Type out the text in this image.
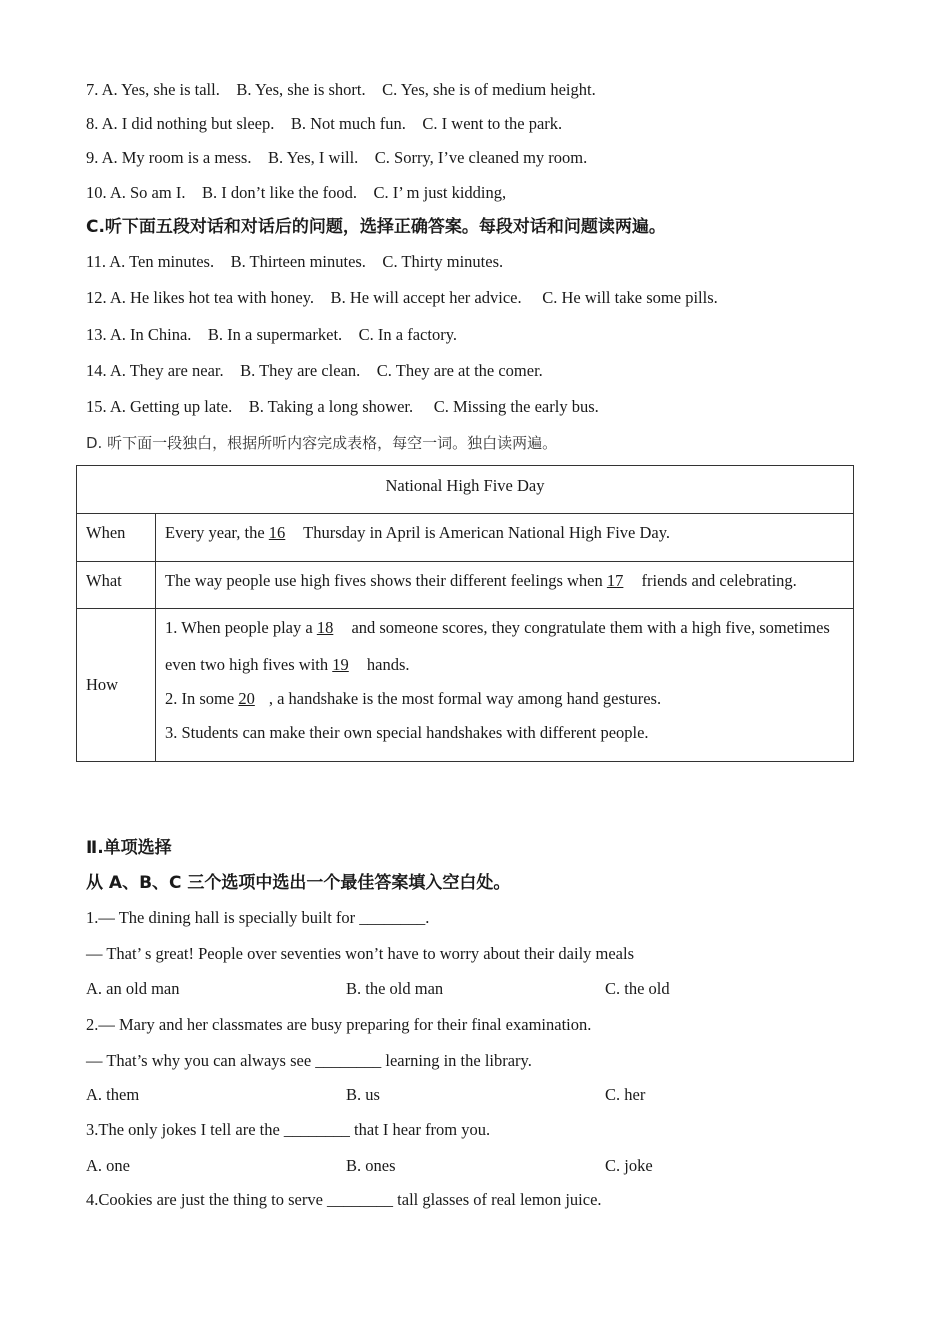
7. A. Yes, she is tall.    B. Yes, she is short.    C. Yes, she is of medium height.
8. A. I did nothing but sleep.    B. Not much fun.    C. I went to the park.
9. A. My room is a mess.    B. Yes, I will.    C. Sorry, I’ve cleaned my room.
10. A. So am I.    B. I don’t like the food.    C. I’ m just kidding,
C.听下面五段对话和对话后的问题，选择正确答案。每段对话和问题读两遍。
11. A. Ten minutes.    B. Thirteen minutes.    C. Thirty minutes.
12. A. He likes hot tea with honey.    B. He will accept her advice.     C. He will take some pills.
13. A. In China.    B. In a supermarket.    C. In a factory.
14. A. They are near.    B. They are clean.    C. They are at the comer.
15. A. Getting up late.    B. Taking a long shower.     C. Missing the early bus.
D. 听下面一段独白，根据所听内容完成表格，每空一词。独白读两遍。
National High Five Day	
When	Every year, the 16 Thursday in April is American National High Five Day.
What	The way people use high fives shows their different feelings when 17 friends and celebrating.
How	1. When people play a 18 and someone scores, they congratulate them with a high five, sometimes
even two high fives with 19 hands.
2. In some 20 , a handshake is the most formal way among hand gestures.
3. Students can make their own special handshakes with different people.
Ⅱ.单项选择
从 A、B、C 三个选项中选出一个最佳答案填入空白处。
1.— The dining hall is specially built for ________.
— That’ s great! People over seventies won’t have to worry about their daily meals
A. an old man	B. the old man	C. the old
2.— Mary and her classmates are busy preparing for their final examination.
— That’s why you can always see ________ learning in the library.
A. them	B. us	C. her
3.The only jokes I tell are the ________ that I hear from you.
A. one	B. ones	C. joke
4.Cookies are just the thing to serve ________ tall glasses of real lemon juice.
